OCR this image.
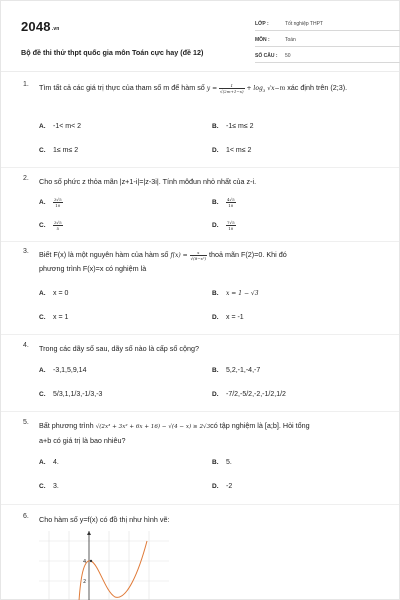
$2048^{.vn}$
Bộ đề thi thử thpt quốc gia môn Toán cực hay (đề 12)
LỚP :	Tốt nghiệp THPT
MÔN :	Toán
SỐ CÂU : 50
1. Tìm tất cả các giá trị thực của tham số m để hàm số $y = \frac{1}{√(2m+1-x)} + \log_3 √x-m$ xác định trên (2;3).
A. -1< m< 2	B. -1≤ m≤ 2
C. 1≤ m≤ 2	D. 1< m≤ 2
2. Cho số phức z thỏa mãn |z+1-i|=|z-3i|. Tính môđun nhỏ nhất của z-i.
A. $\frac{3√5}{10}$	B. $\frac{4√5}{10}$
C. $\frac{3√5}{5}$	D. $\frac{7√5}{10}$
3. Biết F(x) là một nguyên hàm của hàm số $f(x) = \frac{x}{\text{√(8−x²)}}$ thoả mãn F(2)=0. Khi đó
phương trình F(x)=x có nghiệm là
A. x = 0	B. x = 1 − √3
C. x = 1	D. x = -1
4. Trong các dãy số sau, dãy số nào là cấp số cộng?
A. -3,1,5,9,14	B. 5,2,-1,-4,-7
C. 5/3,1,1/3,-1/3,-3	D. -7/2,-5/2,-2,-1/2,1/2
5. Bất phương trình √(2x³ + 3x² + 6x + 16) − √(4 − x) ≥ 2√3có tập nghiệm là [a;b]. Hỏi tổng
a+b có giá trị là bao nhiêu?
A. 4.	B. 5.
C. 3.	D. -2
6. Cho hàm số y=f(x) có đồ thị như hình vẽ:
4
2
